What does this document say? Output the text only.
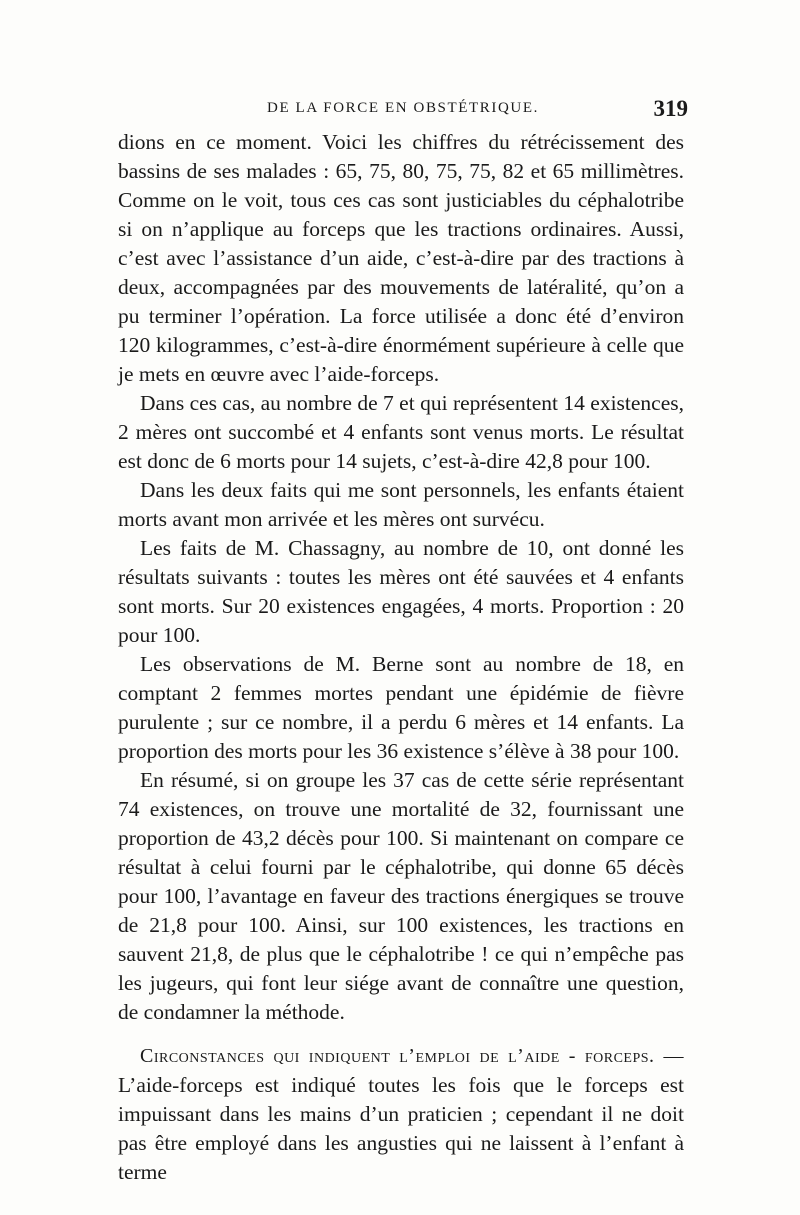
DE LA FORCE EN OBSTÉTRIQUE.	319

dions en ce moment. Voici les chiffres du rétrécissement des bassins de ses malades : 65, 75, 80, 75, 75, 82 et 65 millimètres. Comme on le voit, tous ces cas sont justiciables du céphalotribe si on n’applique au forceps que les tractions ordinaires. Aussi, c’est avec l’assistance d’un aide, c’est-à-dire par des tractions à deux, accompagnées par des mouvements de latéralité, qu’on a pu terminer l’opération. La force utilisée a donc été d’environ 120 kilogrammes, c’est-à-dire énormément supérieure à celle que je mets en œuvre avec l’aide-forceps.

Dans ces cas, au nombre de 7 et qui représentent 14 existences, 2 mères ont succombé et 4 enfants sont venus morts. Le résultat est donc de 6 morts pour 14 sujets, c’est-à-dire 42,8 pour 100.

Dans les deux faits qui me sont personnels, les enfants étaient morts avant mon arrivée et les mères ont survécu.

Les faits de M. Chassagny, au nombre de 10, ont donné les résultats suivants : toutes les mères ont été sauvées et 4 enfants sont morts. Sur 20 existences engagées, 4 morts. Proportion : 20 pour 100.

Les observations de M. Berne sont au nombre de 18, en comptant 2 femmes mortes pendant une épidémie de fièvre purulente ; sur ce nombre, il a perdu 6 mères et 14 enfants. La proportion des morts pour les 36 existence s’élève à 38 pour 100.

En résumé, si on groupe les 37 cas de cette série représentant 74 existences, on trouve une mortalité de 32, fournissant une proportion de 43,2 décès pour 100. Si maintenant on compare ce résultat à celui fourni par le céphalotribe, qui donne 65 décès pour 100, l’avantage en faveur des tractions énergiques se trouve de 21,8 pour 100. Ainsi, sur 100 existences, les tractions en sauvent 21,8, de plus que le céphalotribe ! ce qui n’empêche pas les jugeurs, qui font leur siége avant de connaître une question, de condamner la méthode.

Circonstances qui indiquent l’emploi de l’aide - forceps. — L’aide-forceps est indiqué toutes les fois que le forceps est impuissant dans les mains d’un praticien ; cependant il ne doit pas être employé dans les angusties qui ne laissent à l’enfant à terme
